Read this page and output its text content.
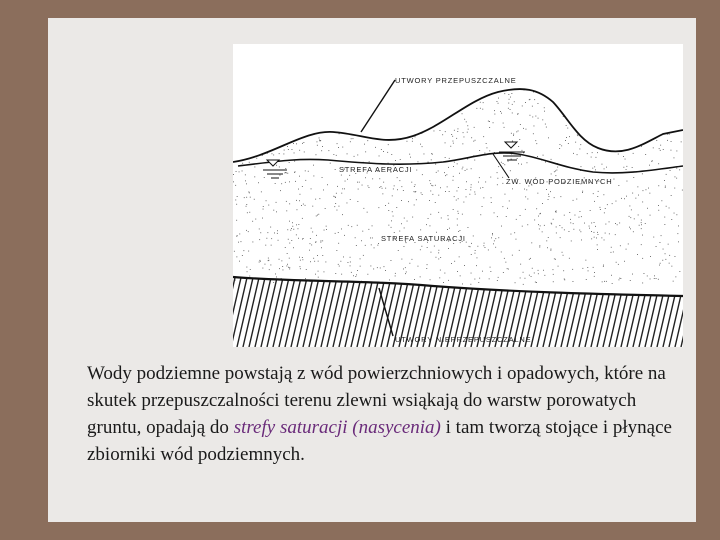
UTWORY PRZEPUSZCZALNE
STREFA AERACJI
ZW. WÓD PODZIEMNYCH
STREFA SATURACJI
UTWORY NIEPRZEPUSZCZALNE

Wody podziemne powstają z wód powierzchniowych i opadowych, które na skutek przepuszczalności terenu zlewni wsiąkają do warstw porowatych gruntu, opadają do strefy saturacji (nasycenia) i tam tworzą stojące i płynące zbiorniki wód podziemnych.
